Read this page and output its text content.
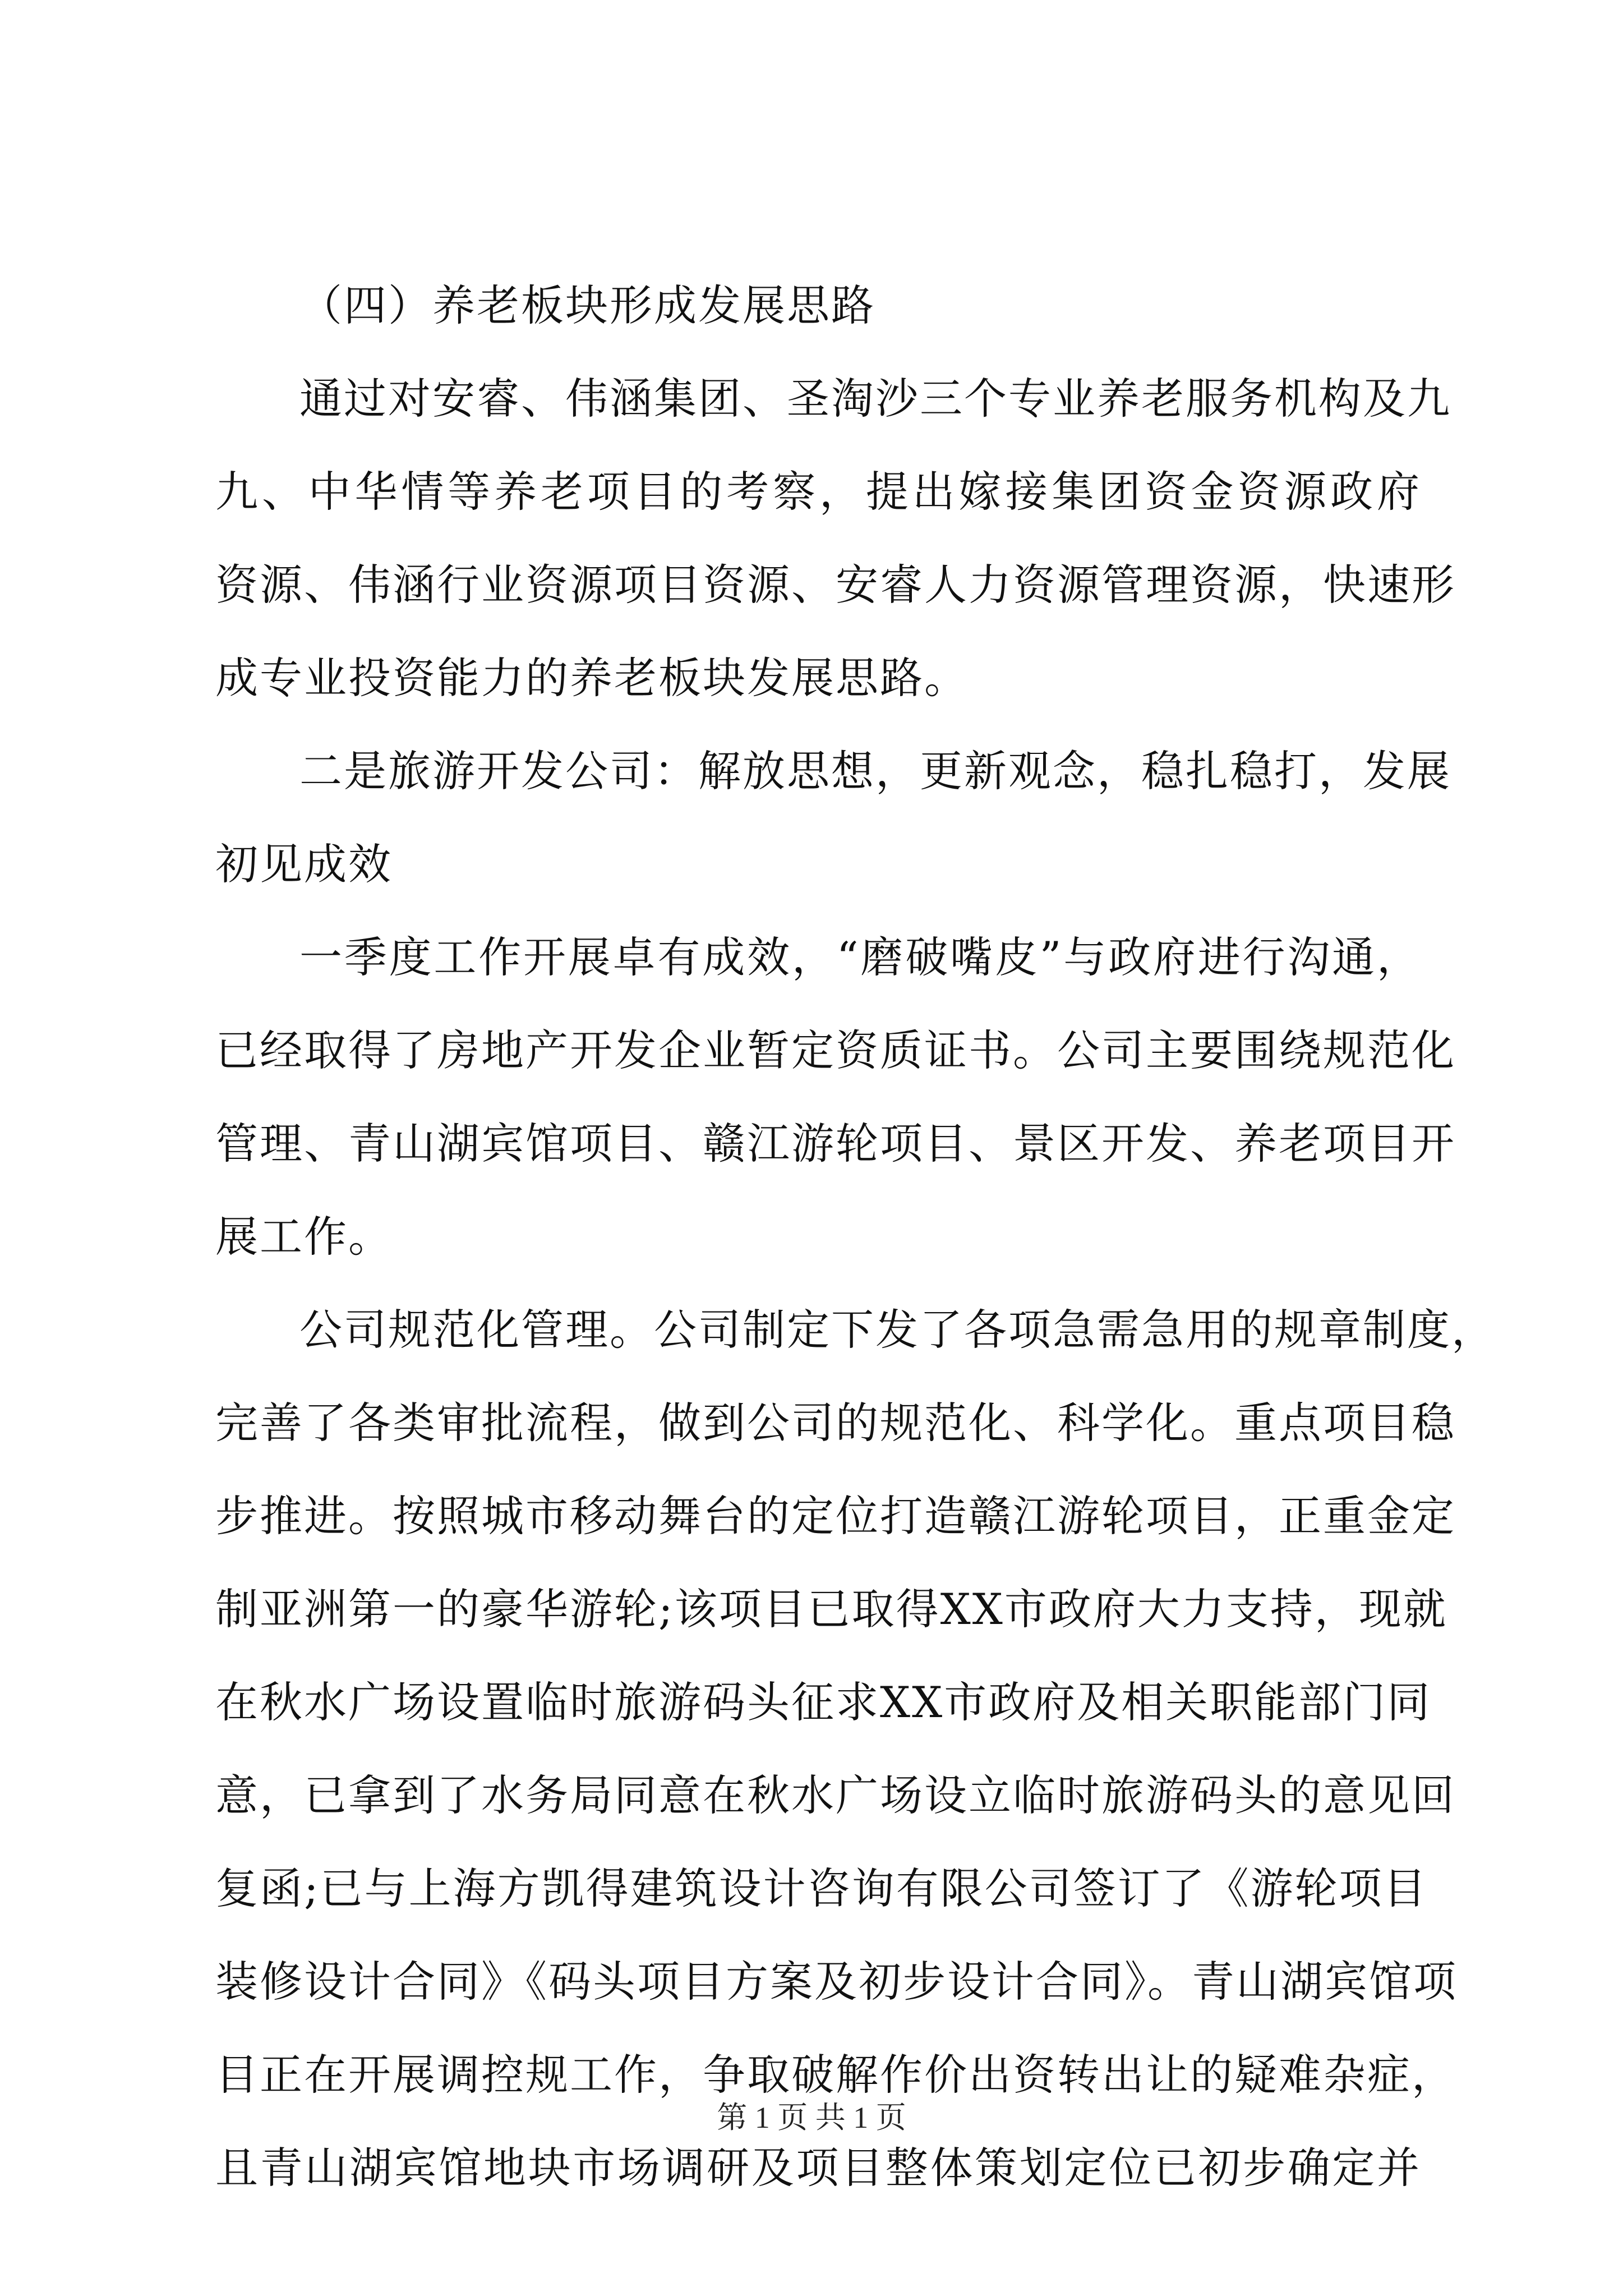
（四）养老板块形成发展思路
通过对安睿、伟涵集团、圣淘沙三个专业养老服务机构及九
九、中华情等养老项目的考察，提出嫁接集团资金资源政府
资源、伟涵行业资源项目资源、安睿人力资源管理资源，快速形
成专业投资能力的养老板块发展思路。
二是旅游开发公司：解放思想，更新观念，稳扎稳打，发展
初见成效
一季度工作开展卓有成效，“磨破嘴皮”与政府进行沟通，
已经取得了房地产开发企业暂定资质证书。公司主要围绕规范化
管理、青山湖宾馆项目、赣江游轮项目、景区开发、养老项目开
展工作。
公司规范化管理。公司制定下发了各项急需急用的规章制度，
完善了各类审批流程，做到公司的规范化、科学化。重点项目稳
步推进。按照城市移动舞台的定位打造赣江游轮项目，正重金定
制亚洲第一的豪华游轮;该项目已取得XX市政府大力支持，现就
在秋水广场设置临时旅游码头征求XX市政府及相关职能部门同
意，已拿到了水务局同意在秋水广场设立临时旅游码头的意见回
复函;已与上海方凯得建筑设计咨询有限公司签订了《游轮项目
装修设计合同》《码头项目方案及初步设计合同》。青山湖宾馆项
目正在开展调控规工作，争取破解作价出资转出让的疑难杂症，
且青山湖宾馆地块市场调研及项目整体策划定位已初步确定并
第 1 页 共 1 页
